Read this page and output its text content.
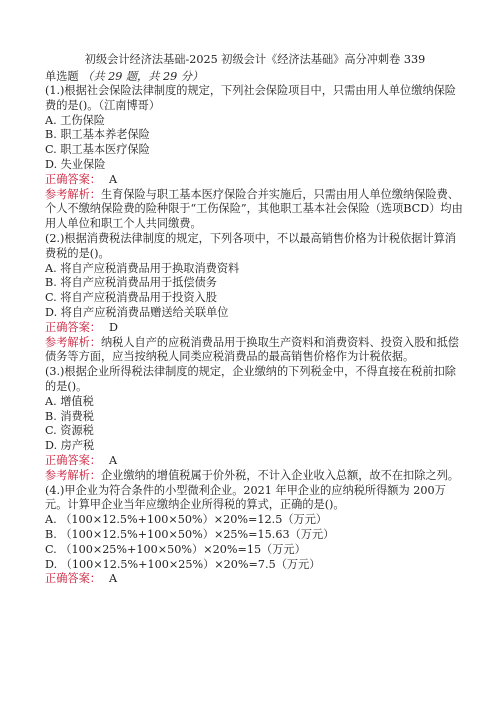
初级会计经济法基础-2025 初级会计《经济法基础》高分冲刺卷 339
单选题 （共 29 题，共 29 分）
(1.)根据社会保险法律制度的规定，下列社会保险项目中，只需由用人单位缴纳保险费的是()。（江南博哥）
A. 工伤保险
B. 职工基本养老保险
C. 职工基本医疗保险
D. 失业保险
正确答案： A
参考解析：生育保险与职工基本医疗保险合并实施后，只需由用人单位缴纳保险费、个人不缴纳保险费的险种限于“工伤保险”，其他职工基本社会保险（选项BCD）均由用人单位和职工个人共同缴费。
(2.)根据消费税法律制度的规定，下列各项中，不以最高销售价格为计税依据计算消费税的是()。
A. 将自产应税消费品用于换取消费资料
B. 将自产应税消费品用于抵偿债务
C. 将自产应税消费品用于投资入股
D. 将自产应税消费品赠送给关联单位
正确答案： D
参考解析：纳税人自产的应税消费品用于换取生产资料和消费资料、投资入股和抵偿债务等方面，应当按纳税人同类应税消费品的最高销售价格作为计税依据。
(3.)根据企业所得税法律制度的规定，企业缴纳的下列税金中，不得直接在税前扣除的是()。
A. 增值税
B. 消费税
C. 资源税
D. 房产税
正确答案： A
参考解析：企业缴纳的增值税属于价外税，不计入企业收入总额，故不在扣除之列。
(4.)甲企业为符合条件的小型微利企业。2021 年甲企业的应纳税所得额为 200万元。计算甲企业当年应缴纳企业所得税的算式，正确的是()。
A. （100×12.5%+100×50%）×20%=12.5（万元）
B. （100×12.5%+100×50%）×25%=15.63（万元）
C. （100×25%+100×50%）×20%=15（万元）
D. （100×12.5%+100×25%）×20%=7.5（万元）
正确答案： A
